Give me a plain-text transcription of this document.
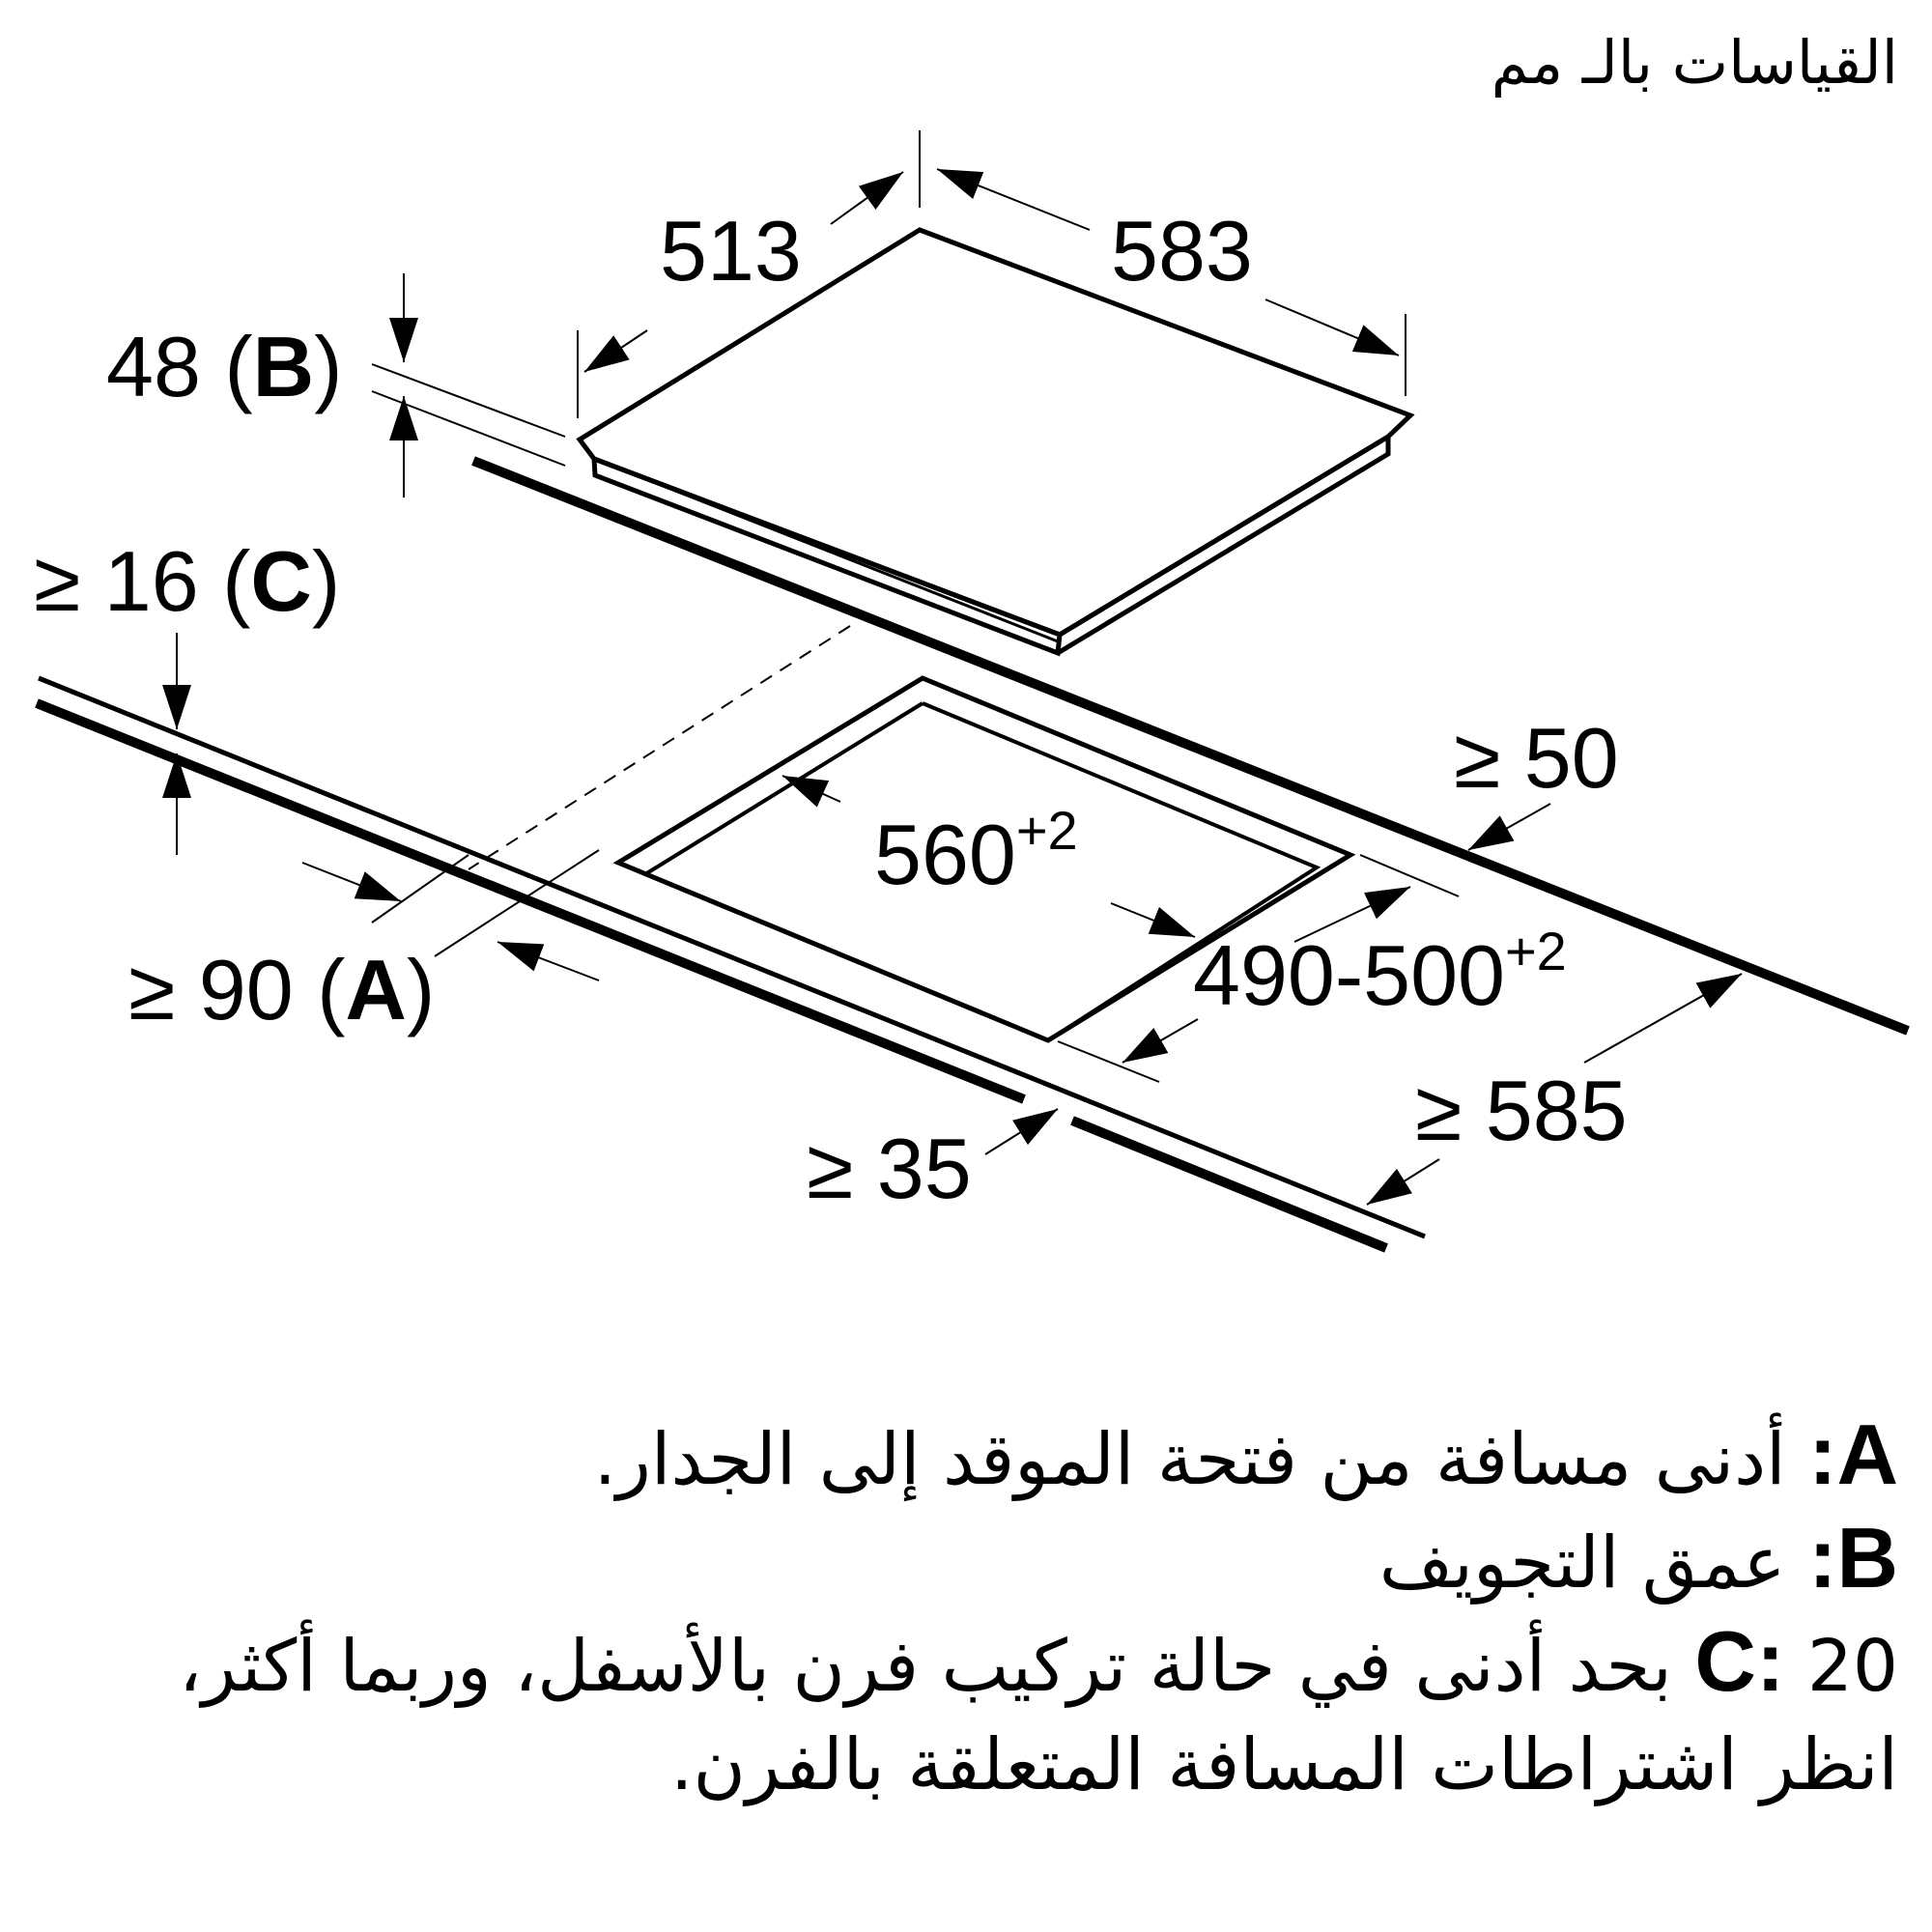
القياسات بالـ مم
513	583
48 (B)
≥ 16 (C)
≥ 90 (A)
$560^{+2}$
$490-500^{+2}$
≥ 50
≥ 35
≥ 585
A: أدنى مسافة من فتحة الموقد إلى الجدار.
B: عمق التجويف
C: 20 بحد أدنى في حالة تركيب فرن بالأسفل، وربما أكثر،
انظر اشتراطات المسافة المتعلقة بالفرن.
